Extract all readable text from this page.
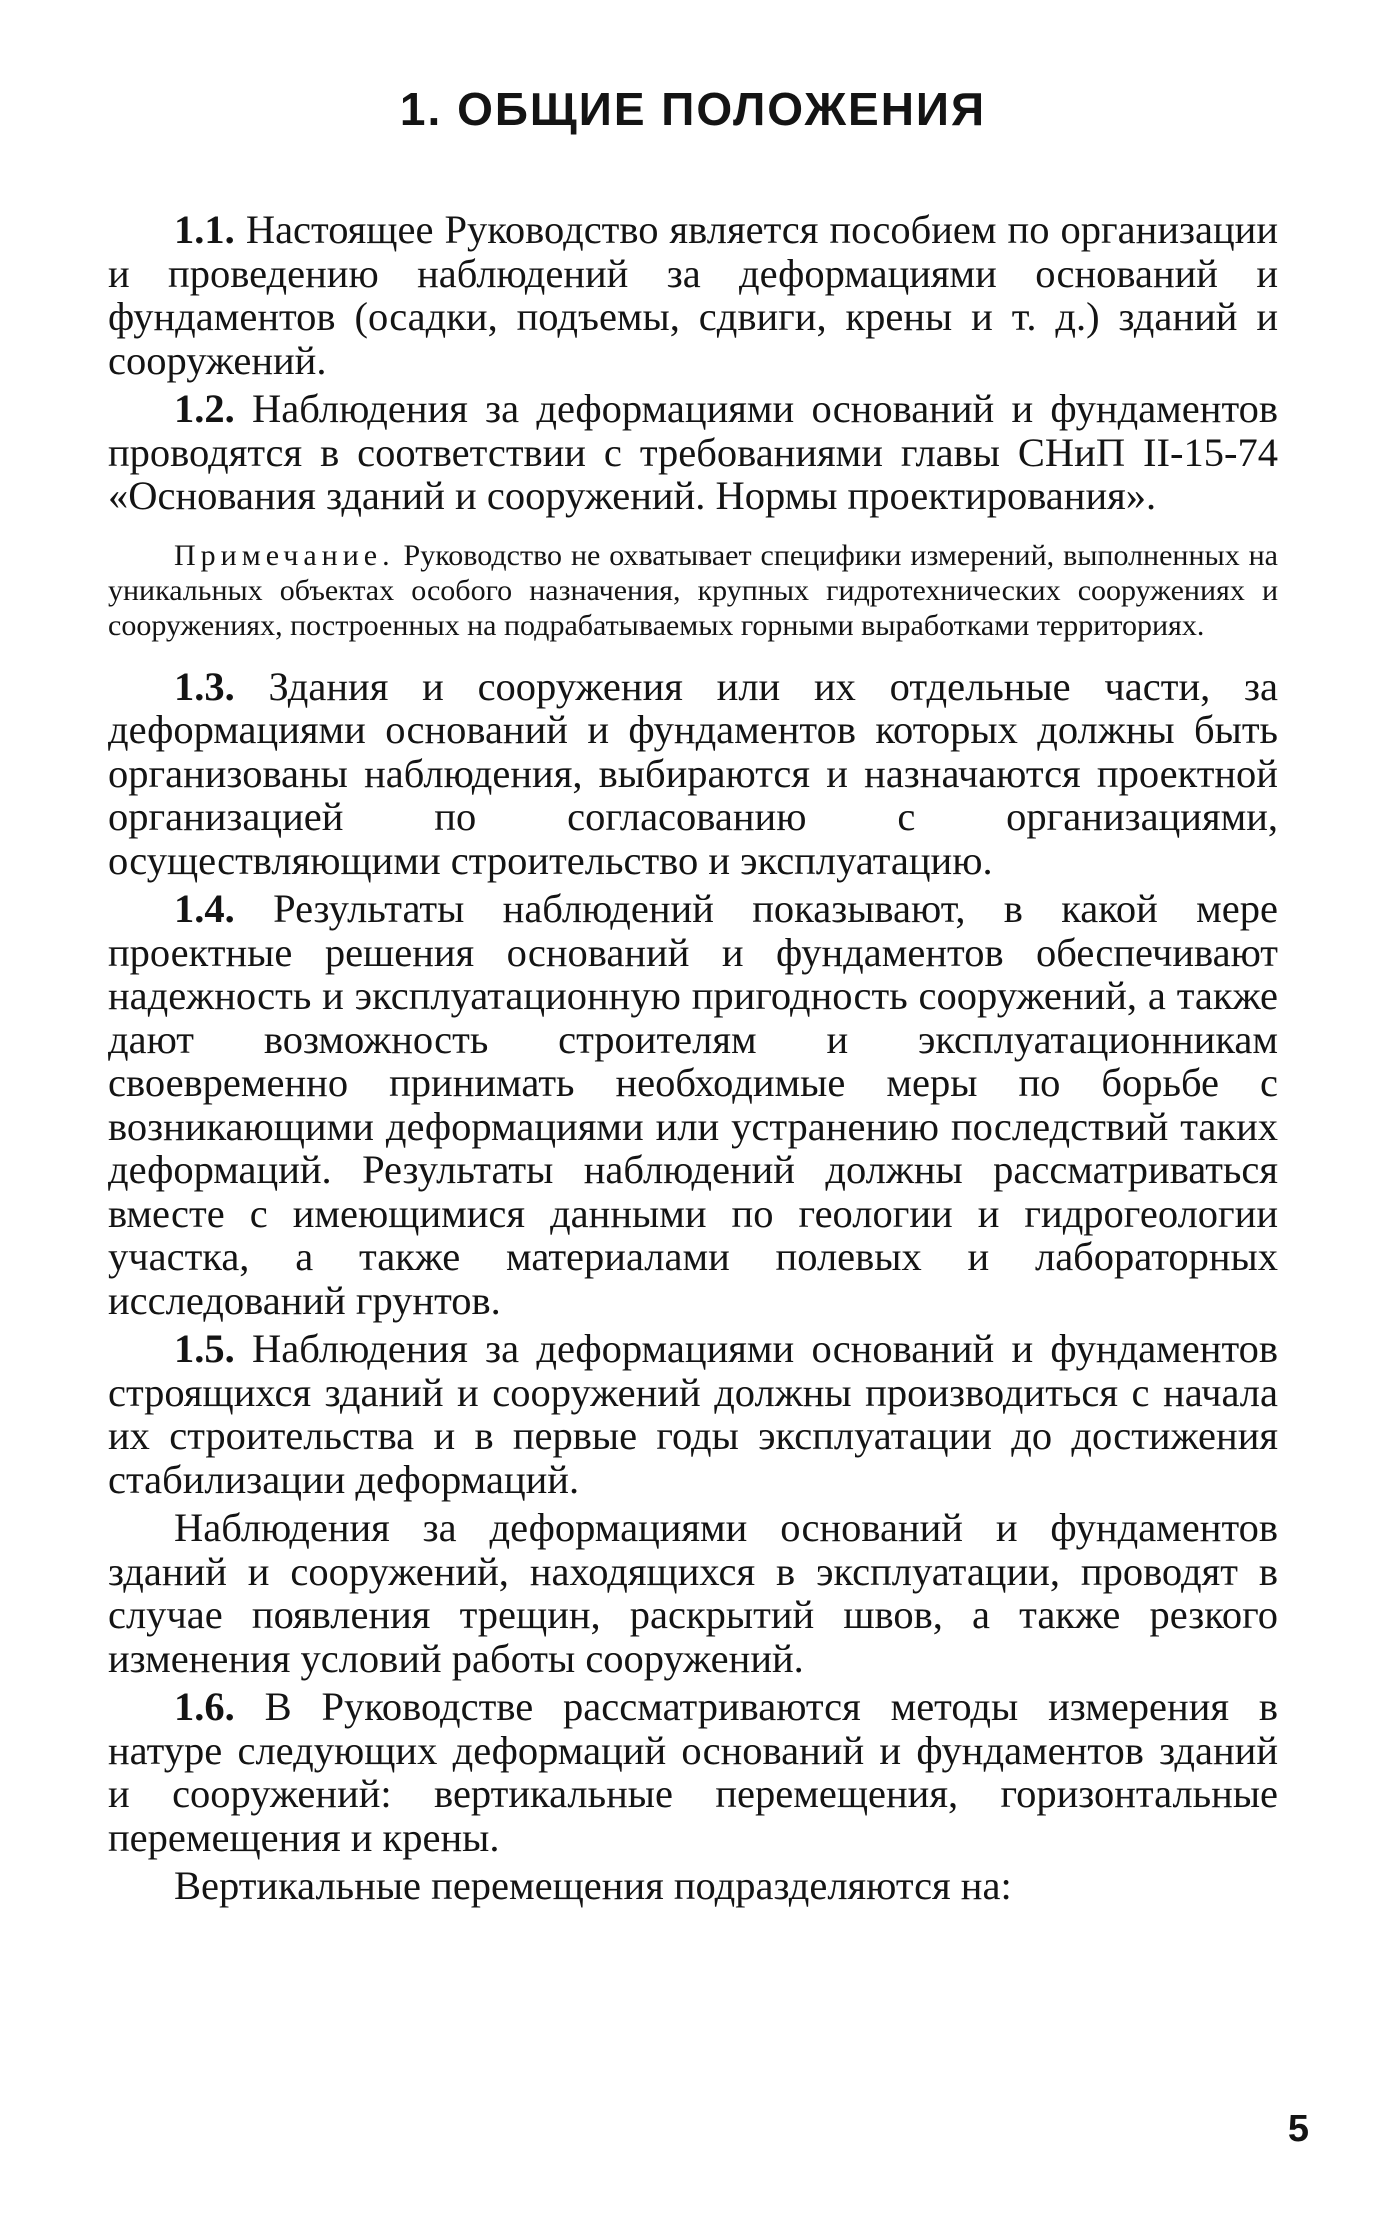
1. ОБЩИЕ ПОЛОЖЕНИЯ

1.1. Настоящее Руководство является пособием по организации и проведению наблюдений за деформациями оснований и фундаментов (осадки, подъемы, сдвиги, крены и т. д.) зданий и сооружений.

1.2. Наблюдения за деформациями оснований и фундаментов проводятся в соответствии с требованиями главы СНиП II-15-74 «Основания зданий и сооружений. Нормы проектирования».

Примечание. Руководство не охватывает специфики измерений, выполненных на уникальных объектах особого назначения, крупных гидротехнических сооружениях и сооружениях, построенных на подрабатываемых горными выработками территориях.

1.3. Здания и сооружения или их отдельные части, за деформациями оснований и фундаментов которых должны быть организованы наблюдения, выбираются и назначаются проектной организацией по согласованию с организациями, осуществляющими строительство и эксплуатацию.

1.4. Результаты наблюдений показывают, в какой мере проектные решения оснований и фундаментов обеспечивают надежность и эксплуатационную пригодность сооружений, а также дают возможность строителям и эксплуатационникам своевременно принимать необходимые меры по борьбе с возникающими деформациями или устранению последствий таких деформаций. Результаты наблюдений должны рассматриваться вместе с имеющимися данными по геологии и гидрогеологии участка, а также материалами полевых и лабораторных исследований грунтов.

1.5. Наблюдения за деформациями оснований и фундаментов строящихся зданий и сооружений должны производиться с начала их строительства и в первые годы эксплуатации до достижения стабилизации деформаций.

Наблюдения за деформациями оснований и фундаментов зданий и сооружений, находящихся в эксплуатации, проводят в случае появления трещин, раскрытий швов, а также резкого изменения условий работы сооружений.

1.6. В Руководстве рассматриваются методы измерения в натуре следующих деформаций оснований и фундаментов зданий и сооружений: вертикальные перемещения, горизонтальные перемещения и крены.

Вертикальные перемещения подразделяются на:

5
